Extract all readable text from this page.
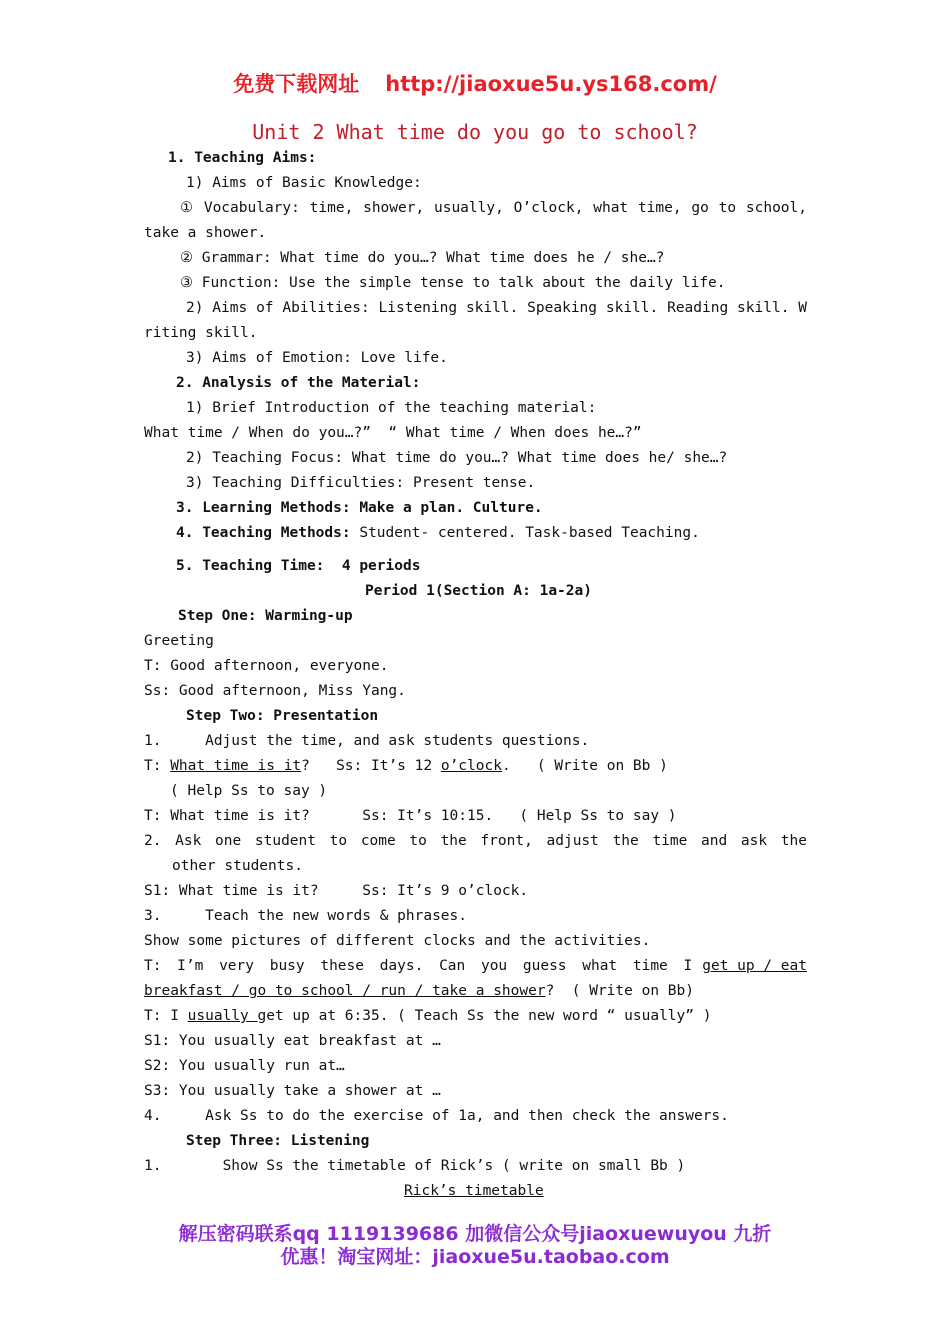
免费下载网址 http://jiaoxue5u.ys168.com/
Unit 2 What time do you go to school?
1. Teaching Aims:
1) Aims of Basic Knowledge:
① Vocabulary: time, shower, usually, O’clock, what time, go to school,
take a shower.
② Grammar: What time do you…? What time does he / she…?
③ Function: Use the simple tense to talk about the daily life.
2) Aims of Abilities: Listening skill. Speaking skill. Reading skill. W
riting skill.
3) Aims of Emotion: Love life.
2. Analysis of the Material:
1) Brief Introduction of the teaching material:
What time / When do you…?”  “ What time / When does he…?”
2) Teaching Focus: What time do you…? What time does he/ she…?
3) Teaching Difficulties: Present tense.
3. Learning Methods: Make a plan. Culture.
4. Teaching Methods: Student- centered. Task-based Teaching.
5. Teaching Time:  4 periods
Period 1(Section A: 1a-2a)
Step One: Warming-up
Greeting
T: Good afternoon, everyone.
Ss: Good afternoon, Miss Yang.
Step Two: Presentation
1.     Adjust the time, and ask students questions.
T: What time is it?   Ss: It’s 12 o’clock.   ( Write on Bb )
( Help Ss to say )
T: What time is it?      Ss: It’s 10:15.   ( Help Ss to say )
2. Ask one student to come to the front, adjust the time and ask the
other students.
S1: What time is it?     Ss: It’s 9 o’clock.
3.     Teach the new words & phrases.
Show some pictures of different clocks and the activities.
T: I’m very busy these days. Can you guess what time I get up / eat
breakfast / go to school / run / take a shower?  ( Write on Bb)
T: I usually get up at 6:35. ( Teach Ss the new word “ usually” )
S1: You usually eat breakfast at …
S2: You usually run at…
S3: You usually take a shower at …
4.     Ask Ss to do the exercise of 1a, and then check the answers.
Step Three: Listening
1.       Show Ss the timetable of Rick’s ( write on small Bb )
Rick’s timetable
解压密码联系qq 1119139686 加微信公众号jiaoxuewuyou 九折
优惠！淘宝网址：jiaoxue5u.taobao.com
